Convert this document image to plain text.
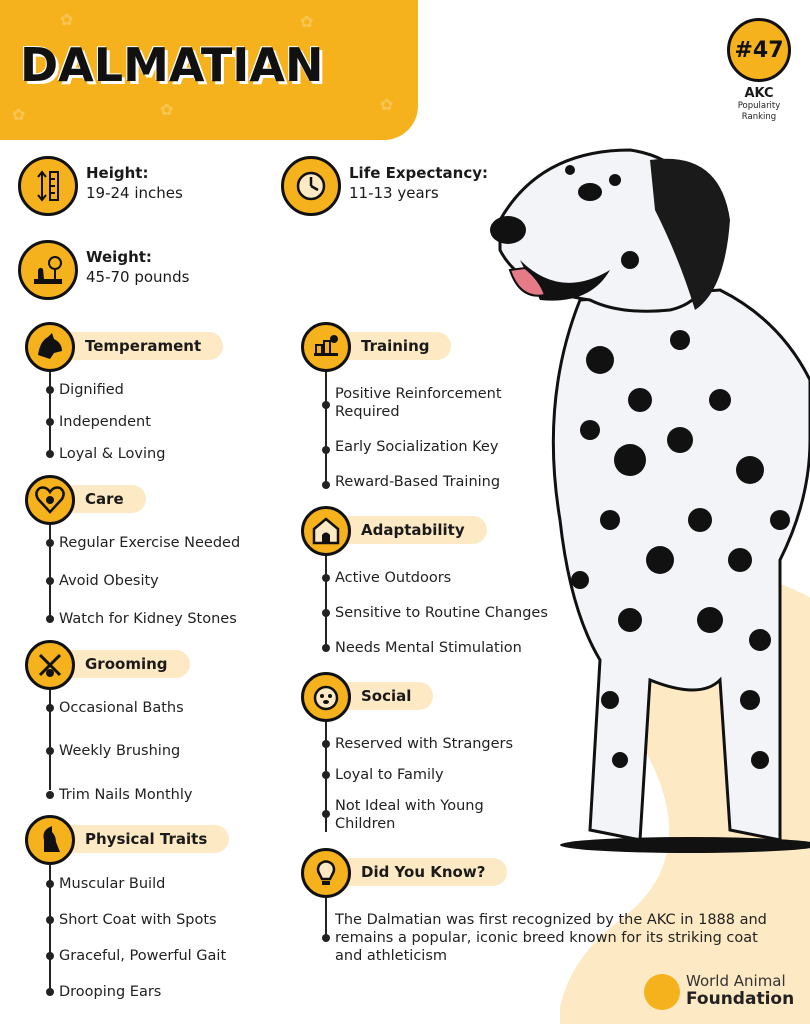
✿
✿
✿
✿
✿
DALMATIAN	#47
AKC
Popularity Ranking
Height:
19-24 inches
Life Expectancy:
11-13 years
Weight:
45-70 pounds
Temperament
Dignified
Independent
Loyal & Loving
Care
Regular Exercise Needed
Avoid Obesity
Watch for Kidney Stones
Grooming
Occasional Baths
Weekly Brushing
Trim Nails Monthly
Physical Traits
Muscular Build
Short Coat with Spots
Graceful, Powerful Gait
Drooping Ears
Training
Positive Reinforcement Required
Early Socialization Key
Reward-Based Training
Adaptability
Active Outdoors
Sensitive to Routine Changes
Needs Mental Stimulation
Social
Reserved with Strangers
Loyal to Family
Not Ideal with Young Children
Did You Know?
The Dalmatian was first recognized by the AKC in 1888 and remains a popular, iconic breed known for its striking coat and athleticism
World Animal
Foundation
